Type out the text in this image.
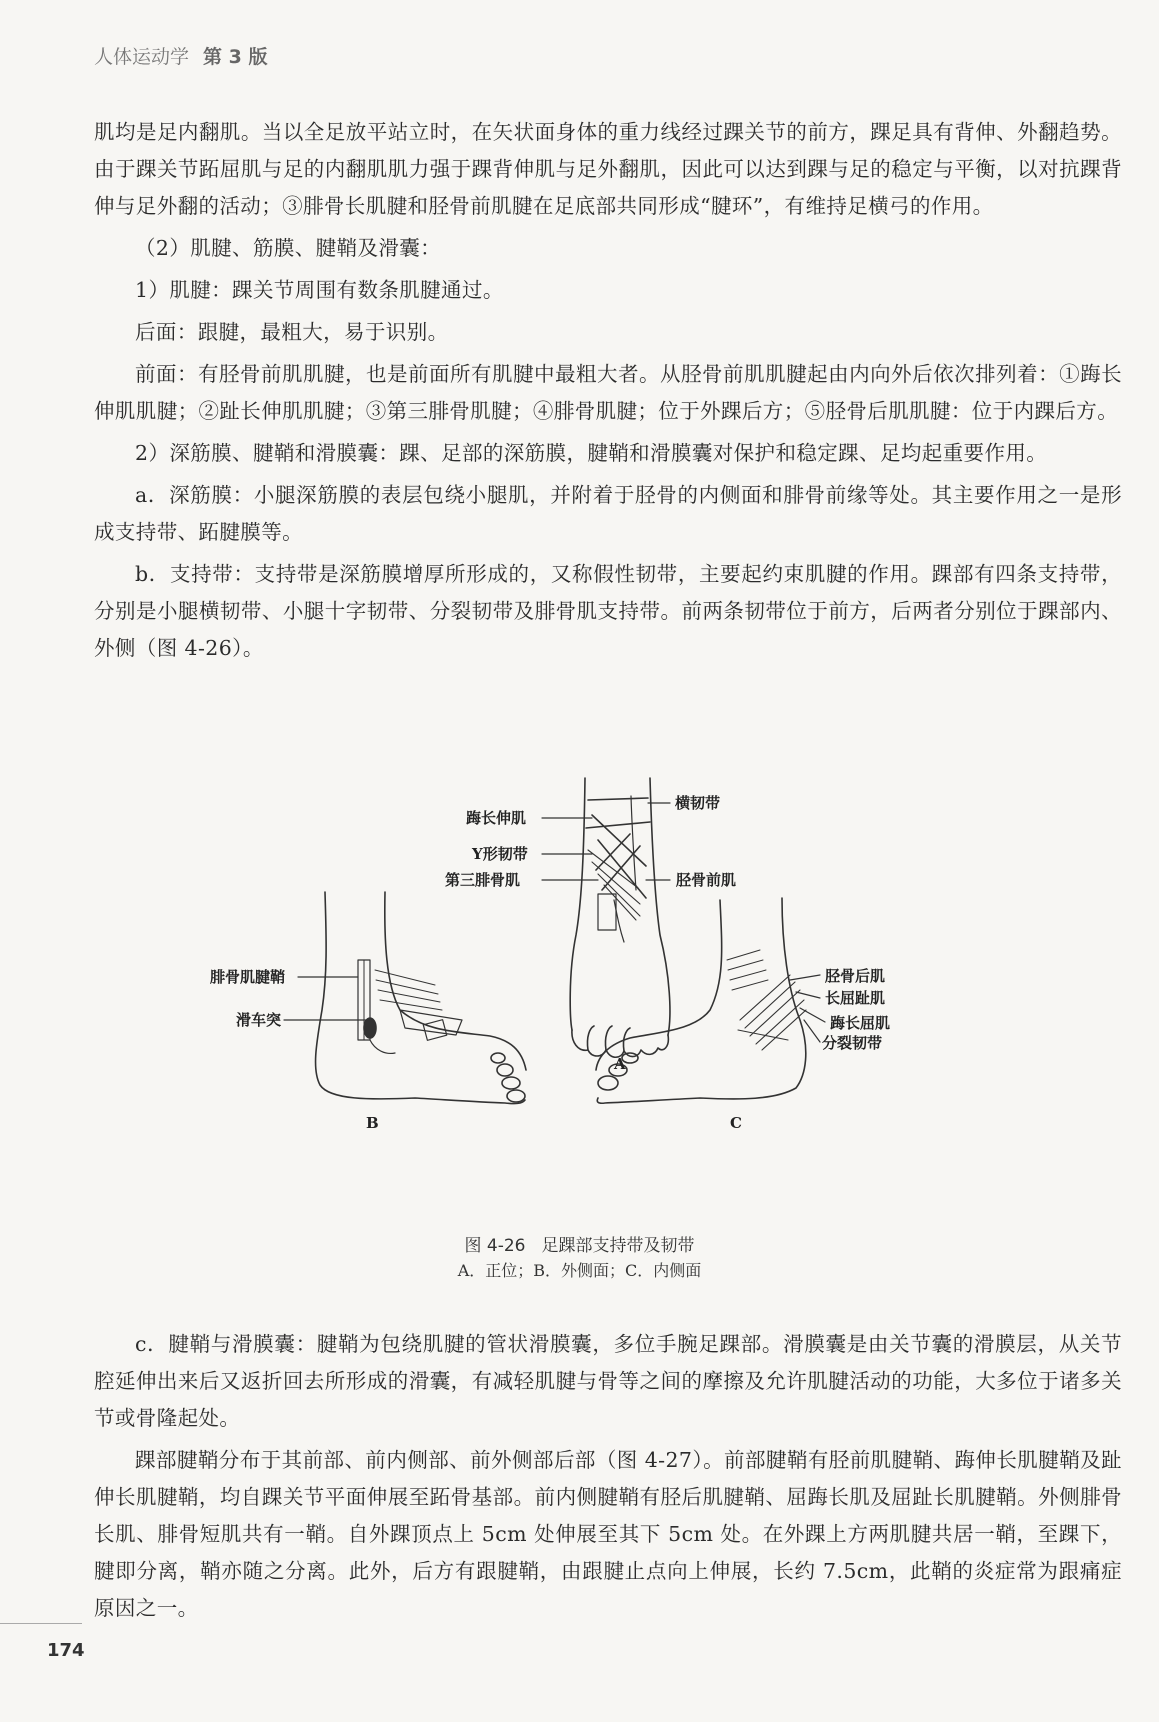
人体运动学 第 3 版

肌均是足内翻肌。当以全足放平站立时，在矢状面身体的重力线经过踝关节的前方，踝足具有背伸、外翻趋势。由于踝关节跖屈肌与足的内翻肌肌力强于踝背伸肌与足外翻肌，因此可以达到踝与足的稳定与平衡，以对抗踝背伸与足外翻的活动；③腓骨长肌腱和胫骨前肌腱在足底部共同形成“腱环”，有维持足横弓的作用。

（2）肌腱、筋膜、腱鞘及滑囊：

1）肌腱：踝关节周围有数条肌腱通过。

后面：跟腱，最粗大，易于识别。

前面：有胫骨前肌肌腱，也是前面所有肌腱中最粗大者。从胫骨前肌肌腱起由内向外后依次排列着：①踇长伸肌肌腱；②趾长伸肌肌腱；③第三腓骨肌腱；④腓骨肌腱；位于外踝后方；⑤胫骨后肌肌腱：位于内踝后方。

2）深筋膜、腱鞘和滑膜囊：踝、足部的深筋膜，腱鞘和滑膜囊对保护和稳定踝、足均起重要作用。

a．深筋膜：小腿深筋膜的表层包绕小腿肌，并附着于胫骨的内侧面和腓骨前缘等处。其主要作用之一是形成支持带、跖腱膜等。

b．支持带：支持带是深筋膜增厚所形成的，又称假性韧带，主要起约束肌腱的作用。踝部有四条支持带，分别是小腿横韧带、小腿十字韧带、分裂韧带及腓骨肌支持带。前两条韧带位于前方，后两者分别位于踝部内、外侧（图 4-26）。

横韧带
踇长伸肌
Y形韧带
胫骨前肌
第三腓骨肌
A
腓骨肌腱鞘
滑车突
B
胫骨后肌
长屈趾肌
踇长屈肌
分裂韧带
C
图 4-26 足踝部支持带及韧带
A．正位；B．外侧面；C．内侧面

c．腱鞘与滑膜囊：腱鞘为包绕肌腱的管状滑膜囊，多位手腕足踝部。滑膜囊是由关节囊的滑膜层，从关节腔延伸出来后又返折回去所形成的滑囊，有减轻肌腱与骨等之间的摩擦及允许肌腱活动的功能，大多位于诸多关节或骨隆起处。

踝部腱鞘分布于其前部、前内侧部、前外侧部后部（图 4-27）。前部腱鞘有胫前肌腱鞘、踇伸长肌腱鞘及趾伸长肌腱鞘，均自踝关节平面伸展至跖骨基部。前内侧腱鞘有胫后肌腱鞘、屈踇长肌及屈趾长肌腱鞘。外侧腓骨长肌、腓骨短肌共有一鞘。自外踝顶点上 5cm 处伸展至其下 5cm 处。在外踝上方两肌腱共居一鞘，至踝下，腱即分离，鞘亦随之分离。此外，后方有跟腱鞘，由跟腱止点向上伸展，长约 7.5cm，此鞘的炎症常为跟痛症原因之一。

174
